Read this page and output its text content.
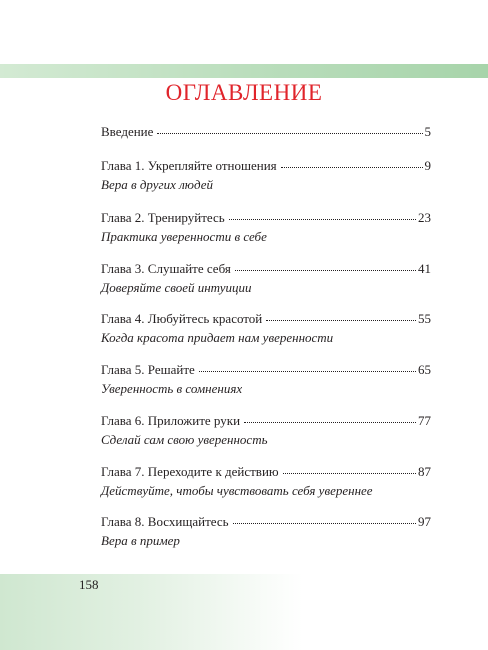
ОГЛАВЛЕНИЕ
Введение	5
Глава 1. Укрепляйте отношения	9
Вера в других людей
Глава 2. Тренируйтесь	23
Практика уверенности в себе
Глава 3. Слушайте себя	41
Доверяйте своей интуиции
Глава 4. Любуйтесь красотой	55
Когда красота придает нам уверенности
Глава 5. Решайте	65
Уверенность в сомнениях
Глава 6. Приложите руки	77
Сделай сам свою уверенность
Глава 7. Переходите к действию	87
Действуйте, чтобы чувствовать себя увереннее
Глава 8. Восхищайтесь	97
Вера в пример
158
